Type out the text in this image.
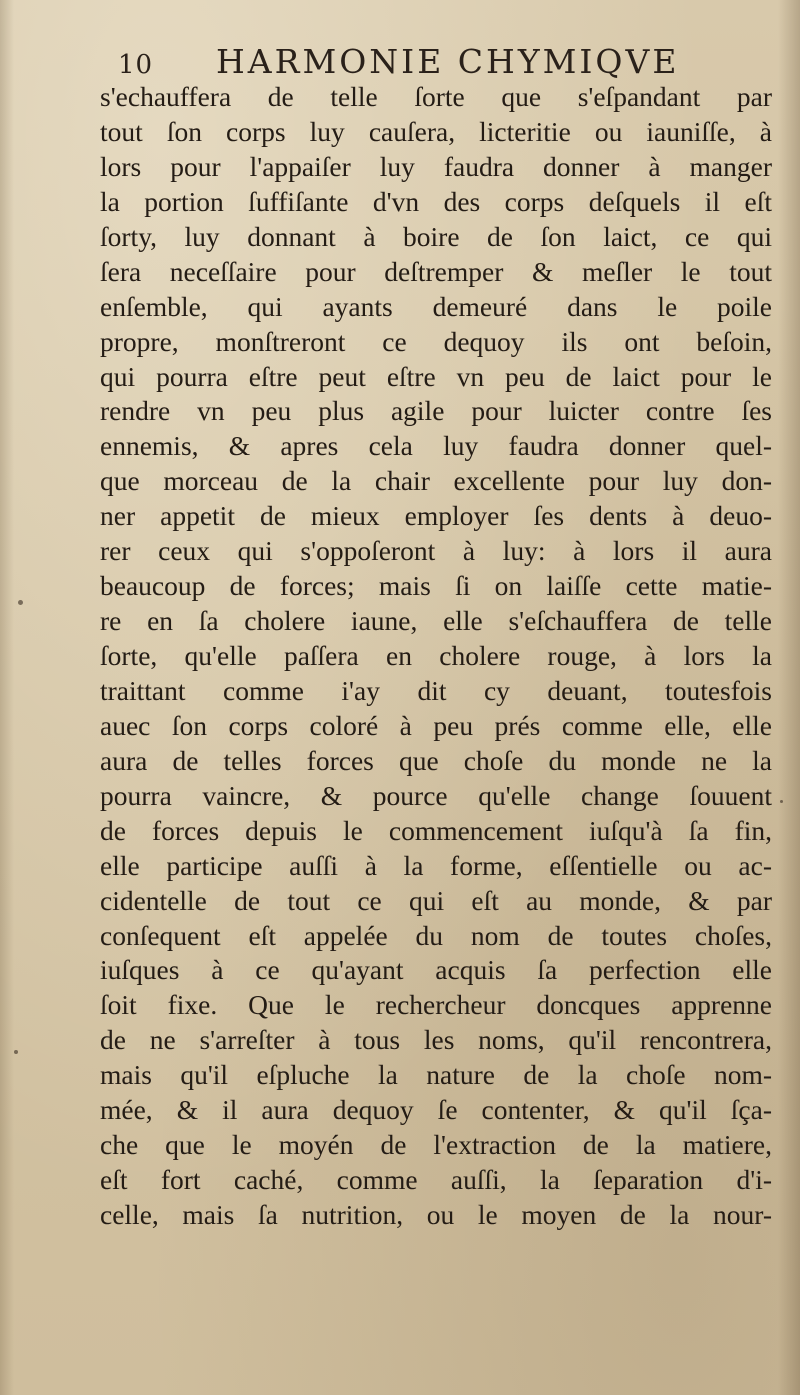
10 HARMONIE CHYMIQVE
s'echauffera de telle ſorte que s'eſpandant par
tout ſon corps luy cauſera, licteritie ou iauniſſe, à
lors pour l'appaiſer luy faudra donner à manger
la portion ſuffiſante d'vn des corps deſquels il eſt
ſorty, luy donnant à boire de ſon laict, ce qui
ſera neceſſaire pour deſtremper & meſler le tout
enſemble, qui ayants demeuré dans le poile
propre, monſtreront ce dequoy ils ont beſoin,
qui pourra eſtre peut eſtre vn peu de laict pour le
rendre vn peu plus agile pour luicter contre ſes
ennemis, & apres cela luy faudra donner quel-
que morceau de la chair excellente pour luy don-
ner appetit de mieux employer ſes dents à deuo-
rer ceux qui s'oppoſeront à luy: à lors il aura
beaucoup de forces; mais ſi on laiſſe cette matie-
re en ſa cholere iaune, elle s'eſchauffera de telle
ſorte, qu'elle paſſera en cholere rouge, à lors la
traittant comme i'ay dit cy deuant, toutesfois
auec ſon corps coloré à peu prés comme elle, elle
aura de telles forces que choſe du monde ne la
pourra vaincre, & pource qu'elle change ſouuent
de forces depuis le commencement iuſqu'à ſa fin,
elle participe auſſi à la forme, eſſentielle ou ac-
cidentelle de tout ce qui eſt au monde, & par
conſequent eſt appelée du nom de toutes choſes,
iuſques à ce qu'ayant acquis ſa perfection elle
ſoit fixe. Que le rechercheur doncques apprenne
de ne s'arreſter à tous les noms, qu'il rencontrera,
mais qu'il eſpluche la nature de la choſe nom-
mée, & il aura dequoy ſe contenter, & qu'il ſça-
che que le moyén de l'extraction de la matiere,
eſt fort caché, comme auſſi, la ſeparation d'i-
celle, mais ſa nutrition, ou le moyen de la nour-
